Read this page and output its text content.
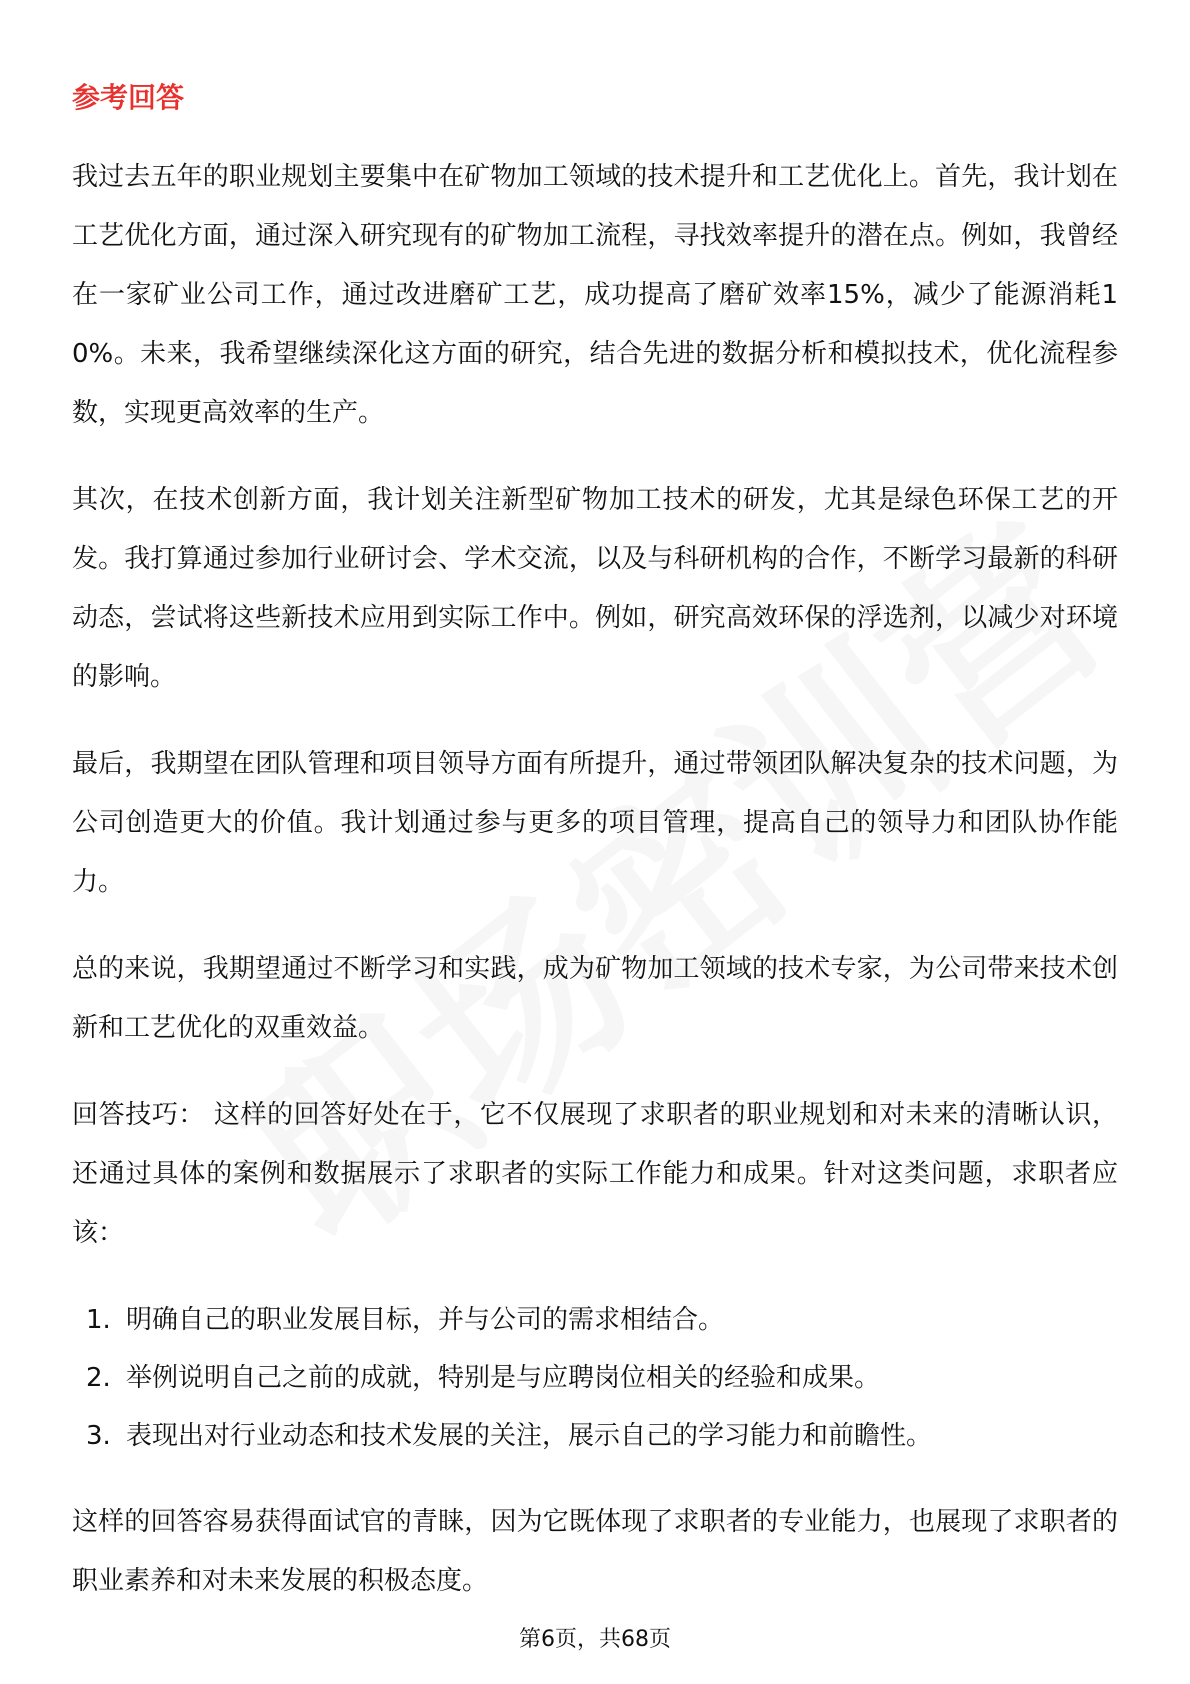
参考回答

我过去五年的职业规划主要集中在矿物加工领域的技术提升和工艺优化上。首先，我计划在工艺优化方面，通过深入研究现有的矿物加工流程，寻找效率提升的潜在点。例如，我曾经在一家矿业公司工作，通过改进磨矿工艺，成功提高了磨矿效率15%，减少了能源消耗10%。未来，我希望继续深化这方面的研究，结合先进的数据分析和模拟技术，优化流程参数，实现更高效率的生产。

其次，在技术创新方面，我计划关注新型矿物加工技术的研发，尤其是绿色环保工艺的开发。我打算通过参加行业研讨会、学术交流，以及与科研机构的合作，不断学习最新的科研动态，尝试将这些新技术应用到实际工作中。例如，研究高效环保的浮选剂，以减少对环境的影响。

最后，我期望在团队管理和项目领导方面有所提升，通过带领团队解决复杂的技术问题，为公司创造更大的价值。我计划通过参与更多的项目管理，提高自己的领导力和团队协作能力。

总的来说，我期望通过不断学习和实践，成为矿物加工领域的技术专家，为公司带来技术创新和工艺优化的双重效益。

回答技巧： 这样的回答好处在于，它不仅展现了求职者的职业规划和对未来的清晰认识，还通过具体的案例和数据展示了求职者的实际工作能力和成果。针对这类问题，求职者应该：

1. 明确自己的职业发展目标，并与公司的需求相结合。
2. 举例说明自己之前的成就，特别是与应聘岗位相关的经验和成果。
3. 表现出对行业动态和技术发展的关注，展示自己的学习能力和前瞻性。

这样的回答容易获得面试官的青睐，因为它既体现了求职者的专业能力，也展现了求职者的职业素养和对未来发展的积极态度。

第6页，共68页
